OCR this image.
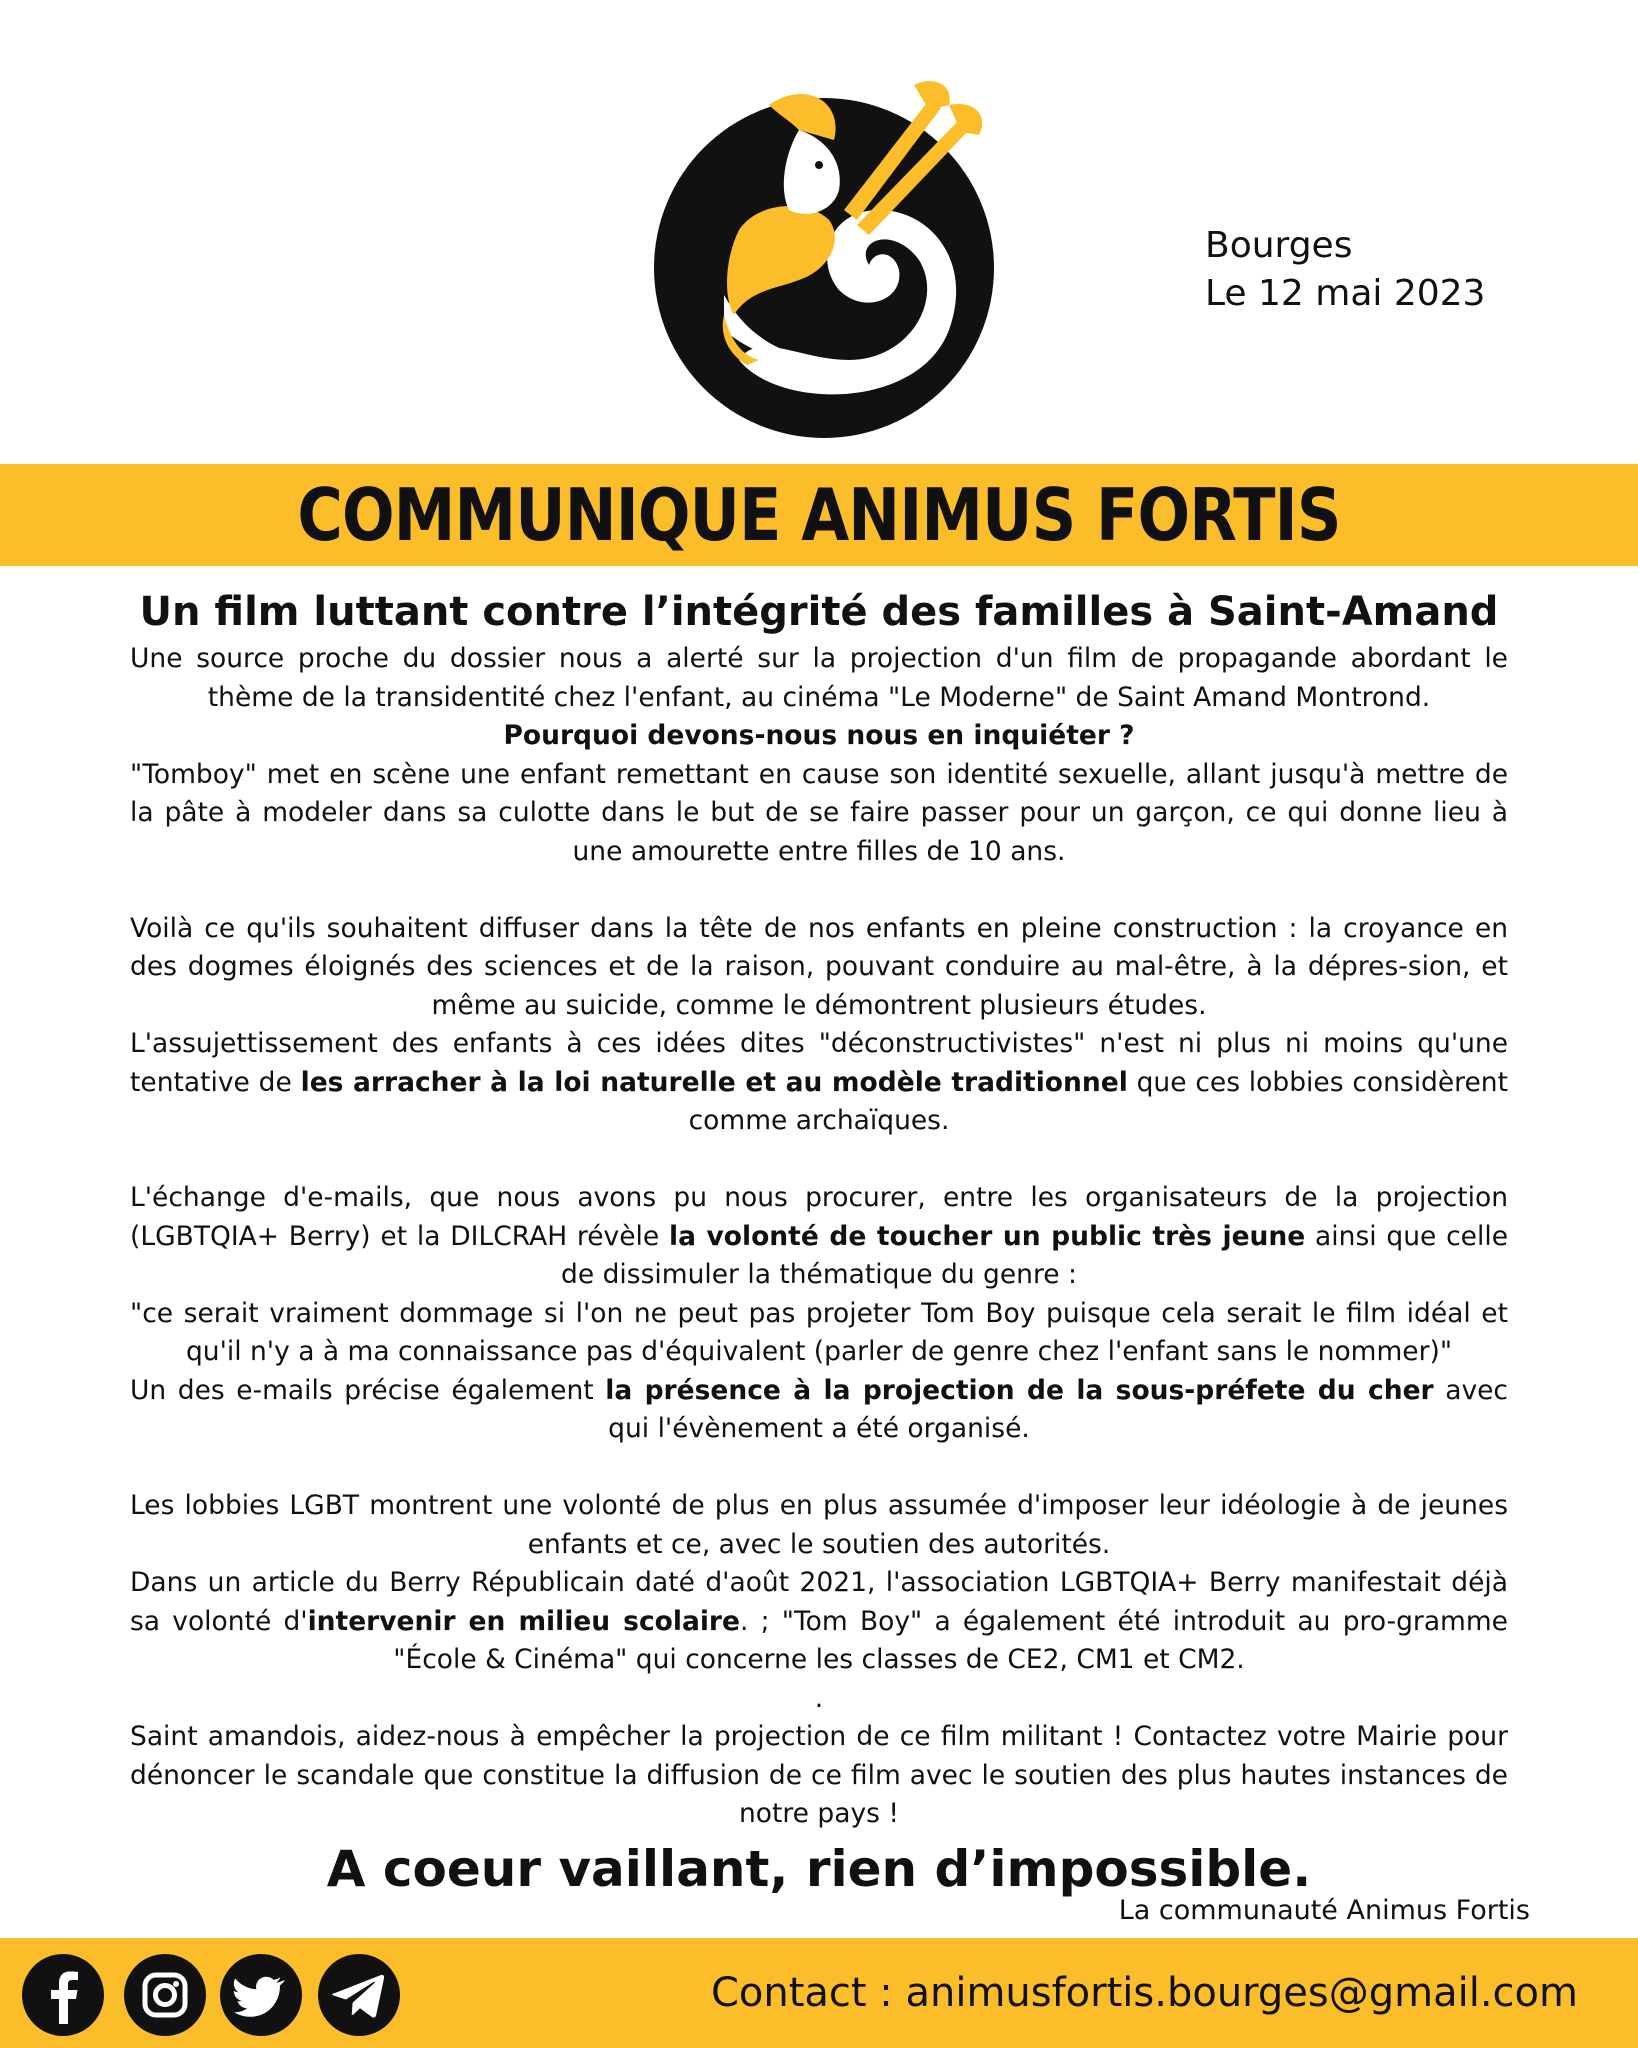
Bourges
Le 12 mai 2023
COMMUNIQUE ANIMUS FORTIS
Un film luttant contre l’intégrité des familles à Saint-Amand

Une source proche du dossier nous a alerté sur la projection d'un film de propagande abordant le thème de la transidentité chez l'enfant, au cinéma "Le Moderne" de Saint Amand Montrond.

Pourquoi devons-nous nous en inquiéter ?

"Tomboy" met en scène une enfant remettant en cause son identité sexuelle, allant jusqu'à mettre de la pâte à modeler dans sa culotte dans le but de se faire passer pour un garçon, ce qui donne lieu à une amourette entre filles de 10 ans.

Voilà ce qu'ils souhaitent diffuser dans la tête de nos enfants en pleine construction : la croyance en des dogmes éloignés des sciences et de la raison, pouvant conduire au mal-être, à la dépres-sion, et même au suicide, comme le démontrent plusieurs études.

L'assujettissement des enfants à ces idées dites "déconstructivistes" n'est ni plus ni moins qu'une tentative de les arracher à la loi naturelle et au modèle traditionnel que ces lobbies considèrent comme archaïques.

L'échange d'e-mails, que nous avons pu nous procurer, entre les organisateurs de la projection (LGBTQIA+ Berry) et la DILCRAH révèle la volonté de toucher un public très jeune ainsi que celle de dissimuler la thématique du genre :

"ce serait vraiment dommage si l'on ne peut pas projeter Tom Boy puisque cela serait le film idéal et qu'il n'y a à ma connaissance pas d'équivalent (parler de genre chez l'enfant sans le nommer)"

Un des e-mails précise également la présence à la projection de la sous-préfete du cher avec qui l'évènement a été organisé.

Les lobbies LGBT montrent une volonté de plus en plus assumée d'imposer leur idéologie à de jeunes enfants et ce, avec le soutien des autorités.

Dans un article du Berry Républicain daté d'août 2021, l'association LGBTQIA+ Berry manifestait déjà sa volonté d'intervenir en milieu scolaire. ; "Tom Boy" a également été introduit au pro-gramme "École & Cinéma" qui concerne les classes de CE2, CM1 et CM2.

.

Saint amandois, aidez-nous à empêcher la projection de ce film militant ! Contactez votre Mairie pour dénoncer le scandale que constitue la diffusion de ce film avec le soutien des plus hautes instances de notre pays !

A coeur vaillant, rien d’impossible.
La communauté Animus Fortis
Contact : animusfortis.bourges@gmail.com
